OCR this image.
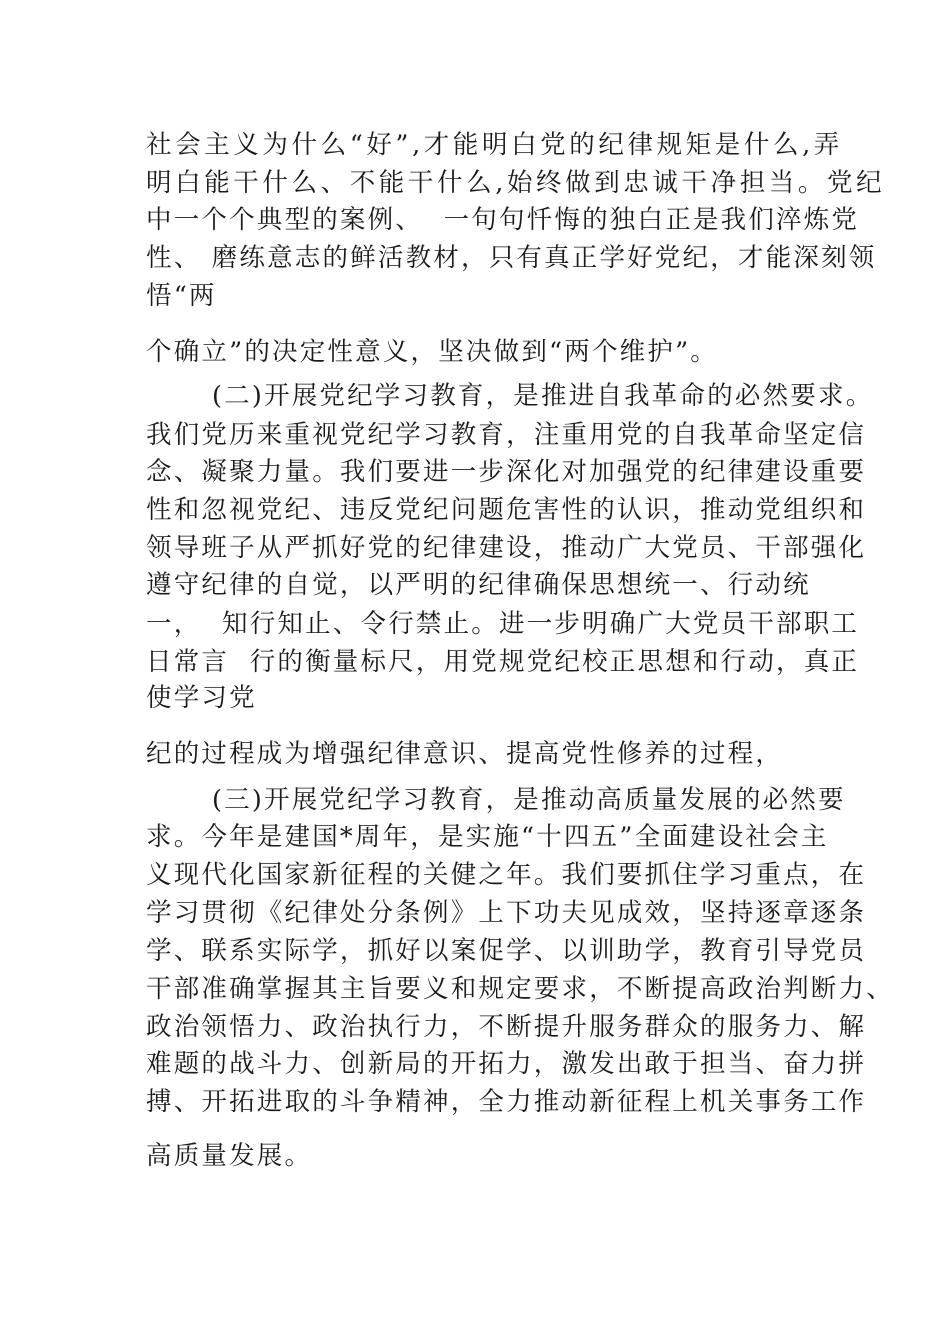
社会主义为什么“好”,才能明白党的纪律规矩是什么,弄
明白能干什么、不能干什么,始终做到忠诚干净担当。党纪
中一个个典型的案例、  一句句忏悔的独白正是我们淬炼党
性、 磨练意志的鲜活教材，只有真正学好党纪，才能深刻领
悟“两
个确立”的决定性意义，坚决做到“两个维护”。
(二)开展党纪学习教育，是推进自我革命的必然要求。
我们党历来重视党纪学习教育，注重用党的自我革命坚定信
念、凝聚力量。我们要进一步深化对加强党的纪律建设重要
性和忽视党纪、违反党纪问题危害性的认识，推动党组织和
领导班子从严抓好党的纪律建设，推动广大党员、干部强化
遵守纪律的自觉，以严明的纪律确保思想统一、行动统
一，  知行知止、令行禁止。进一步明确广大党员干部职工
日常言  行的衡量标尺，用党规党纪校正思想和行动，真正
使学习党
纪的过程成为增强纪律意识、提高党性修养的过程，
(三)开展党纪学习教育，是推动高质量发展的必然要
求。今年是建国*周年，是实施“十四五”全面建设社会主
义现代化国家新征程的关健之年。我们要抓住学习重点，在
学习贯彻《纪律处分条例》上下功夫见成效，坚持逐章逐条
学、联系实际学，抓好以案促学、以训助学，教育引导党员
干部准确掌握其主旨要义和规定要求，不断提高政治判断力、
政治领悟力、政治执行力，不断提升服务群众的服务力、解
难题的战斗力、创新局的开拓力，激发出敢于担当、奋力拼
搏、开拓进取的斗争精神，全力推动新征程上机关事务工作
高质量发展。
